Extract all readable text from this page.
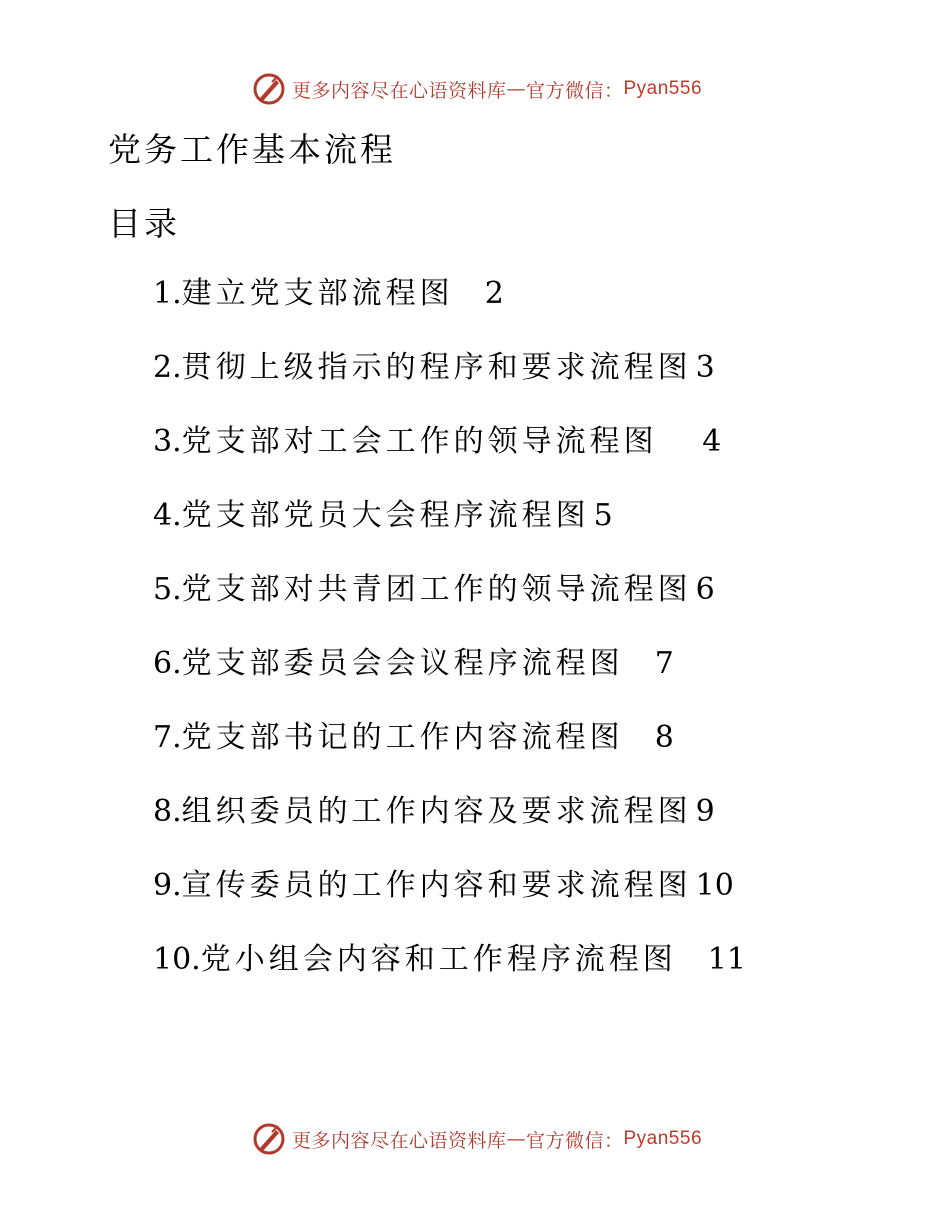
更多内容尽在心语资料库 — 官方微信： Pyan556
党务工作基本流程
目录
1.建立党支部流程图 2
2.贯彻上级指示的程序和要求流程图 3
3.党支部对工会工作的领导流程图 4
4.党支部党员大会程序流程图 5
5.党支部对共青团工作的领导流程图 6
6.党支部委员会会议程序流程图 7
7.党支部书记的工作内容流程图 8
8.组织委员的工作内容及要求流程图 9
9.宣传委员的工作内容和要求流程图 10
10.党小组会内容和工作程序流程图 11
更多内容尽在心语资料库 — 官方微信： Pyan556
